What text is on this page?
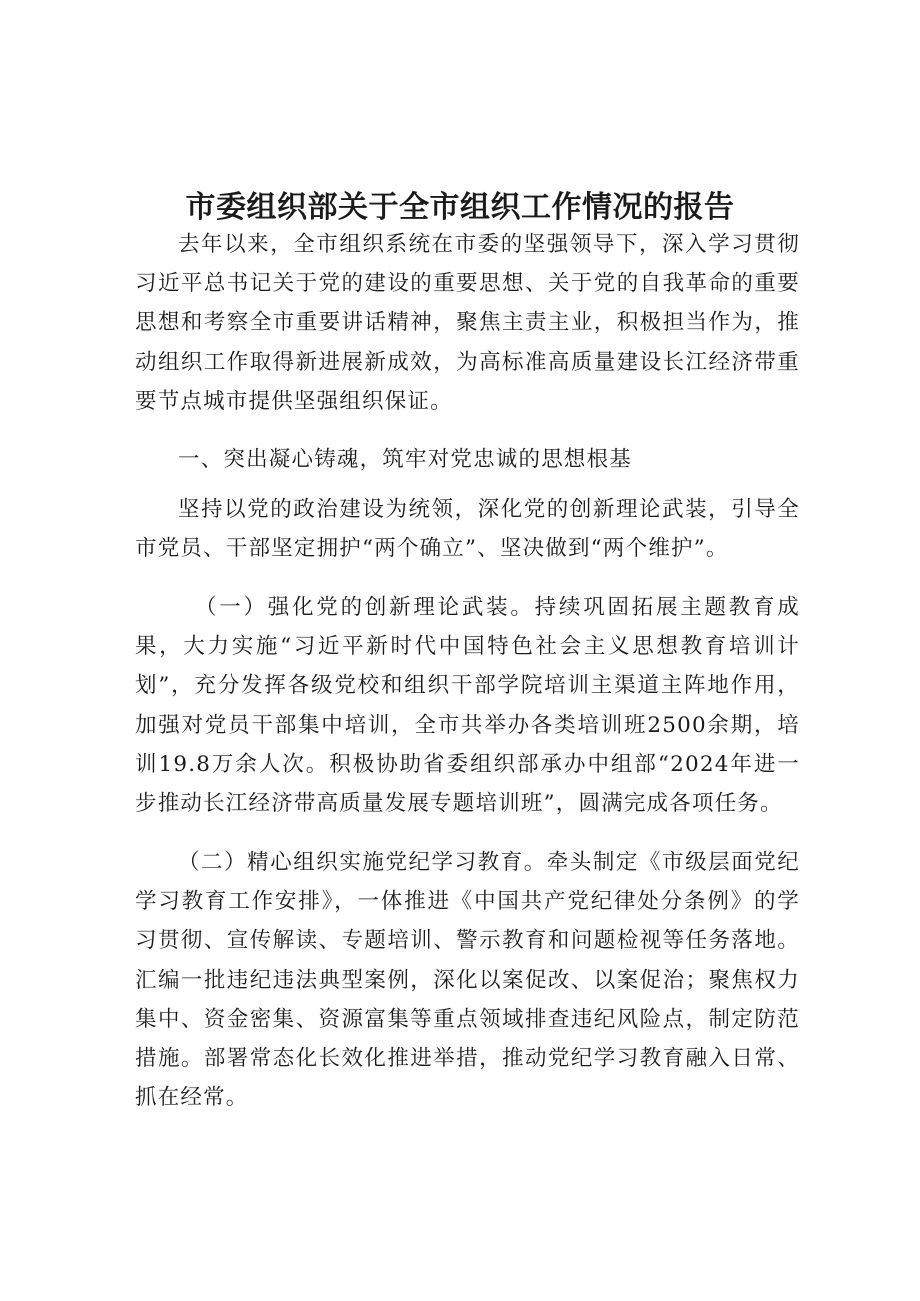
市委组织部关于全市组织工作情况的报告

去年以来，全市组织系统在市委的坚强领导下，深入学习贯彻习近平总书记关于党的建设的重要思想、关于党的自我革命的重要思想和考察全市重要讲话精神，聚焦主责主业，积极担当作为，推动组织工作取得新进展新成效，为高标准高质量建设长江经济带重要节点城市提供坚强组织保证。

一、突出凝心铸魂，筑牢对党忠诚的思想根基

坚持以党的政治建设为统领，深化党的创新理论武装，引导全市党员、干部坚定拥护“两个确立”、坚决做到“两个维护”。

（一）强化党的创新理论武装。持续巩固拓展主题教育成果，大力实施“习近平新时代中国特色社会主义思想教育培训计划”，充分发挥各级党校和组织干部学院培训主渠道主阵地作用，加强对党员干部集中培训，全市共举办各类培训班2500余期，培训19.8万余人次。积极协助省委组织部承办中组部“2024年进一步推动长江经济带高质量发展专题培训班”，圆满完成各项任务。

（二）精心组织实施党纪学习教育。牵头制定《市级层面党纪学习教育工作安排》，一体推进《中国共产党纪律处分条例》的学习贯彻、宣传解读、专题培训、警示教育和问题检视等任务落地。汇编一批违纪违法典型案例，深化以案促改、以案促治；聚焦权力集中、资金密集、资源富集等重点领域排查违纪风险点，制定防范措施。部署常态化长效化推进举措，推动党纪学习教育融入日常、抓在经常。
